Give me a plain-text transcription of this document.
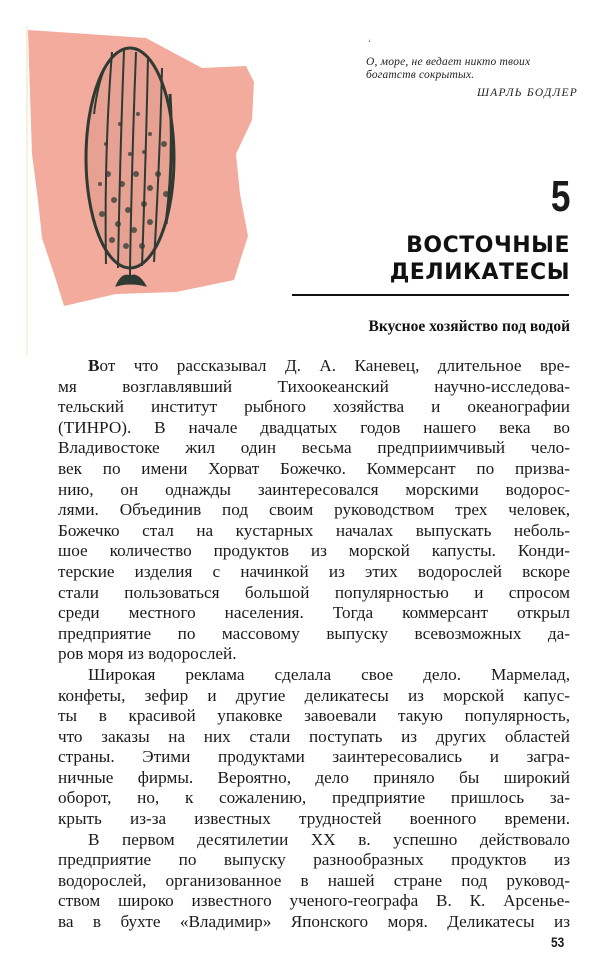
‘
О, море, не ведает никто твоих
богатств сокрытых.
ШАРЛЬ БОДЛЕР
5
ВОСТОЧНЫЕ
ДЕЛИКАТЕСЫ
Вкусное хозяйство под водой
Вот что рассказывал Д. А. Каневец, длительное вре-
мя возглавлявший Тихоокеанский научно-исследова-
тельский институт рыбного хозяйства и океанографии
(ТИНРО). В начале двадцатых годов нашего века во
Владивостоке жил один весьма предприимчивый чело-
век по имени Хорват Божечко. Коммерсант по призва-
нию, он однажды заинтересовался морскими водорос-
лями. Объединив под своим руководством трех человек,
Божечко стал на кустарных началах выпускать неболь-
шое количество продуктов из морской капусты. Конди-
терские изделия с начинкой из этих водорослей вскоре
стали пользоваться большой популярностью и спросом
среди местного населения. Тогда коммерсант открыл
предприятие по массовому выпуску всевозможных да-
ров моря из водорослей.
Широкая реклама сделала свое дело. Мармелад,
конфеты, зефир и другие деликатесы из морской капус-
ты в красивой упаковке завоевали такую популярность,
что заказы на них стали поступать из других областей
страны. Этими продуктами заинтересовались и загра-
ничные фирмы. Вероятно, дело приняло бы широкий
оборот, но, к сожалению, предприятие пришлось за-
крыть из-за известных трудностей военного времени.
В первом десятилетии XX в. успешно действовало
предприятие по выпуску разнообразных продуктов из
водорослей, организованное в нашей стране под руковод-
ством широко известного ученого-географа В. К. Арсенье-
ва в бухте «Владимир» Японского моря. Деликатесы из
53
